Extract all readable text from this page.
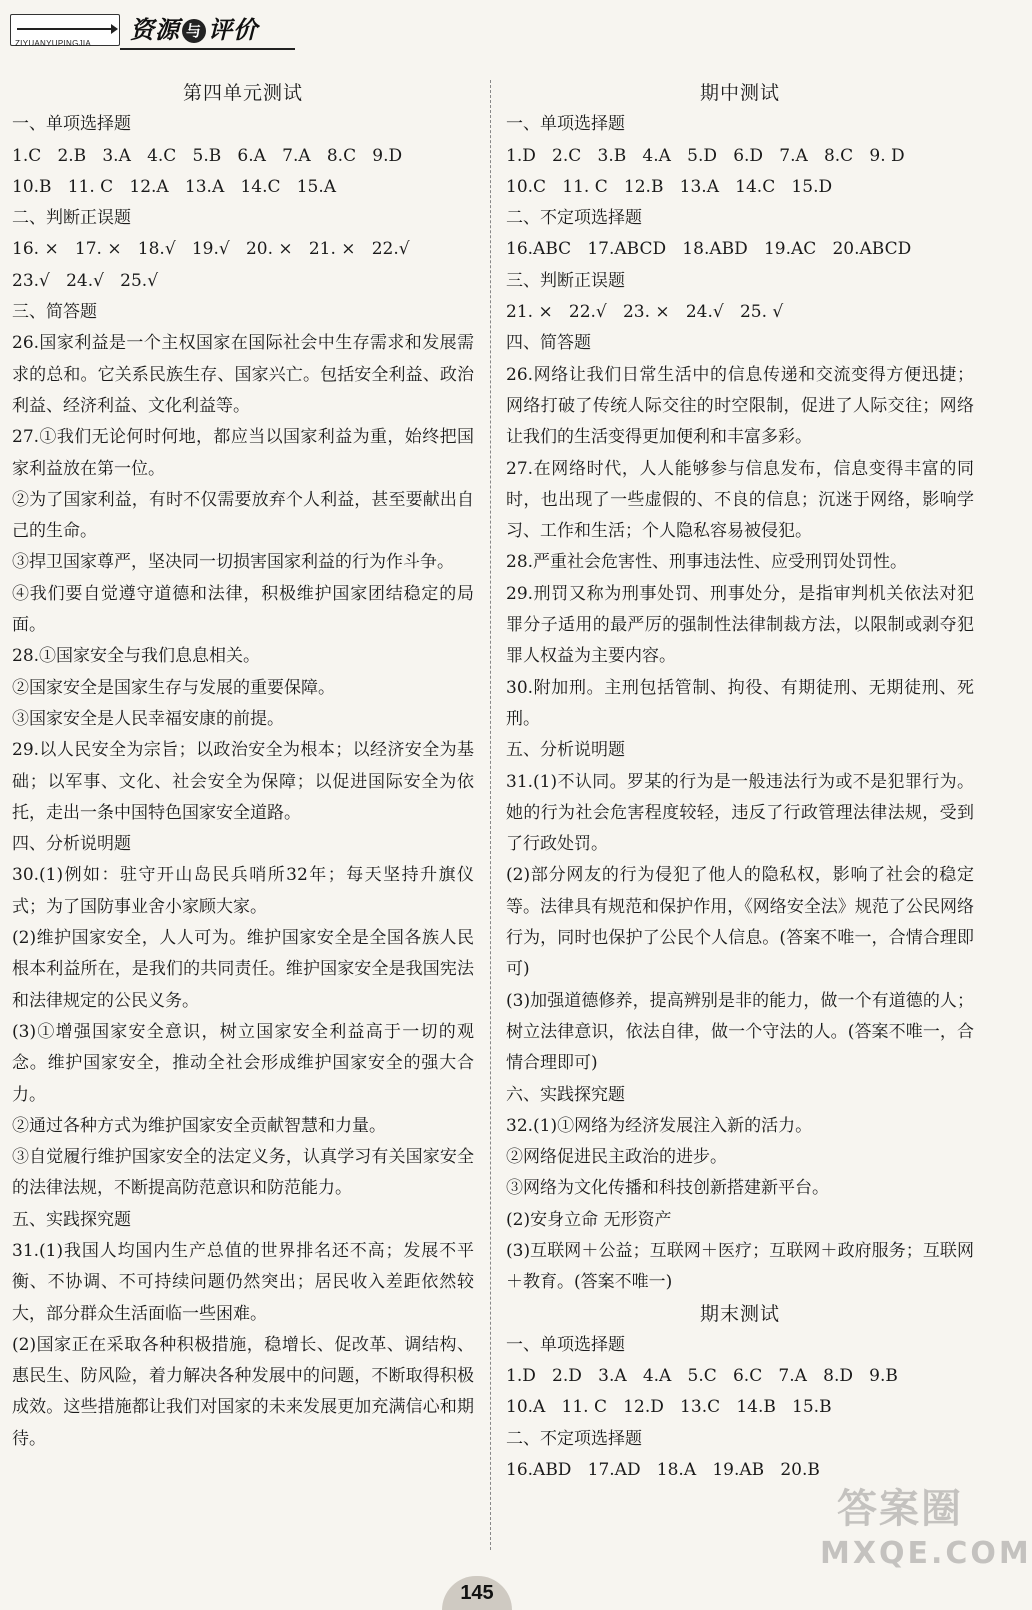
ZIYUANYUPINGJIA 资源 与 评价
第四单元测试
一、单项选择题
1.C   2.B   3.A   4.C   5.B   6.A   7.A   8.C   9.D
10.B   11. C   12.A   13.A   14.C   15.A
二、判断正误题
16. ×   17. ×   18.√   19.√   20. ×   21. ×   22.√
23.√   24.√   25.√
三、简答题
26.国家利益是一个主权国家在国际社会中生存需求和发展需求的总和。它关系民族生存、国家兴亡。包括安全利益、政治利益、经济利益、文化利益等。
27.①我们无论何时何地，都应当以国家利益为重，始终把国家利益放在第一位。
②为了国家利益，有时不仅需要放弃个人利益，甚至要献出自己的生命。
③捍卫国家尊严，坚决同一切损害国家利益的行为作斗争。
④我们要自觉遵守道德和法律，积极维护国家团结稳定的局面。
28.①国家安全与我们息息相关。
②国家安全是国家生存与发展的重要保障。
③国家安全是人民幸福安康的前提。
29.以人民安全为宗旨；以政治安全为根本；以经济安全为基础；以军事、文化、社会安全为保障；以促进国际安全为依托，走出一条中国特色国家安全道路。
四、分析说明题
30.(1)例如：驻守开山岛民兵哨所32年；每天坚持升旗仪式；为了国防事业舍小家顾大家。
(2)维护国家安全，人人可为。维护国家安全是全国各族人民根本利益所在，是我们的共同责任。维护国家安全是我国宪法和法律规定的公民义务。
(3)①增强国家安全意识，树立国家安全利益高于一切的观念。维护国家安全，推动全社会形成维护国家安全的强大合力。
②通过各种方式为维护国家安全贡献智慧和力量。
③自觉履行维护国家安全的法定义务，认真学习有关国家安全的法律法规，不断提高防范意识和防范能力。
五、实践探究题
31.(1)我国人均国内生产总值的世界排名还不高；发展不平衡、不协调、不可持续问题仍然突出；居民收入差距依然较大，部分群众生活面临一些困难。
(2)国家正在采取各种积极措施，稳增长、促改革、调结构、惠民生、防风险，着力解决各种发展中的问题，不断取得积极成效。这些措施都让我们对国家的未来发展更加充满信心和期待。
期中测试
一、单项选择题
1.D   2.C   3.B   4.A   5.D   6.D   7.A   8.C   9. D
10.C   11. C   12.B   13.A   14.C   15.D
二、不定项选择题
16.ABC   17.ABCD   18.ABD   19.AC   20.ABCD
三、判断正误题
21. ×   22.√   23. ×   24.√   25. √
四、简答题
26.网络让我们日常生活中的信息传递和交流变得方便迅捷；网络打破了传统人际交往的时空限制，促进了人际交往；网络让我们的生活变得更加便利和丰富多彩。
27.在网络时代，人人能够参与信息发布，信息变得丰富的同时，也出现了一些虚假的、不良的信息；沉迷于网络，影响学习、工作和生活；个人隐私容易被侵犯。
28.严重社会危害性、刑事违法性、应受刑罚处罚性。
29.刑罚又称为刑事处罚、刑事处分，是指审判机关依法对犯罪分子适用的最严厉的强制性法律制裁方法，以限制或剥夺犯罪人权益为主要内容。
30.附加刑。主刑包括管制、拘役、有期徒刑、无期徒刑、死刑。
五、分析说明题
31.(1)不认同。罗某的行为是一般违法行为或不是犯罪行为。她的行为社会危害程度较轻，违反了行政管理法律法规，受到了行政处罚。
(2)部分网友的行为侵犯了他人的隐私权，影响了社会的稳定等。法律具有规范和保护作用，《网络安全法》规范了公民网络行为，同时也保护了公民个人信息。(答案不唯一，合情合理即可)
(3)加强道德修养，提高辨别是非的能力，做一个有道德的人；树立法律意识，依法自律，做一个守法的人。(答案不唯一，合情合理即可)
六、实践探究题
32.(1)①网络为经济发展注入新的活力。
②网络促进民主政治的进步。
③网络为文化传播和科技创新搭建新平台。
(2)安身立命 无形资产
(3)互联网＋公益；互联网＋医疗；互联网＋政府服务；互联网＋教育。(答案不唯一)
期末测试
一、单项选择题
1.D   2.D   3.A   4.A   5.C   6.C   7.A   8.D   9.B
10.A   11. C   12.D   13.C   14.B   15.B
二、不定项选择题
16.ABD   17.AD   18.A   19.AB   20.B
答案圈
MXQE.COM
145
